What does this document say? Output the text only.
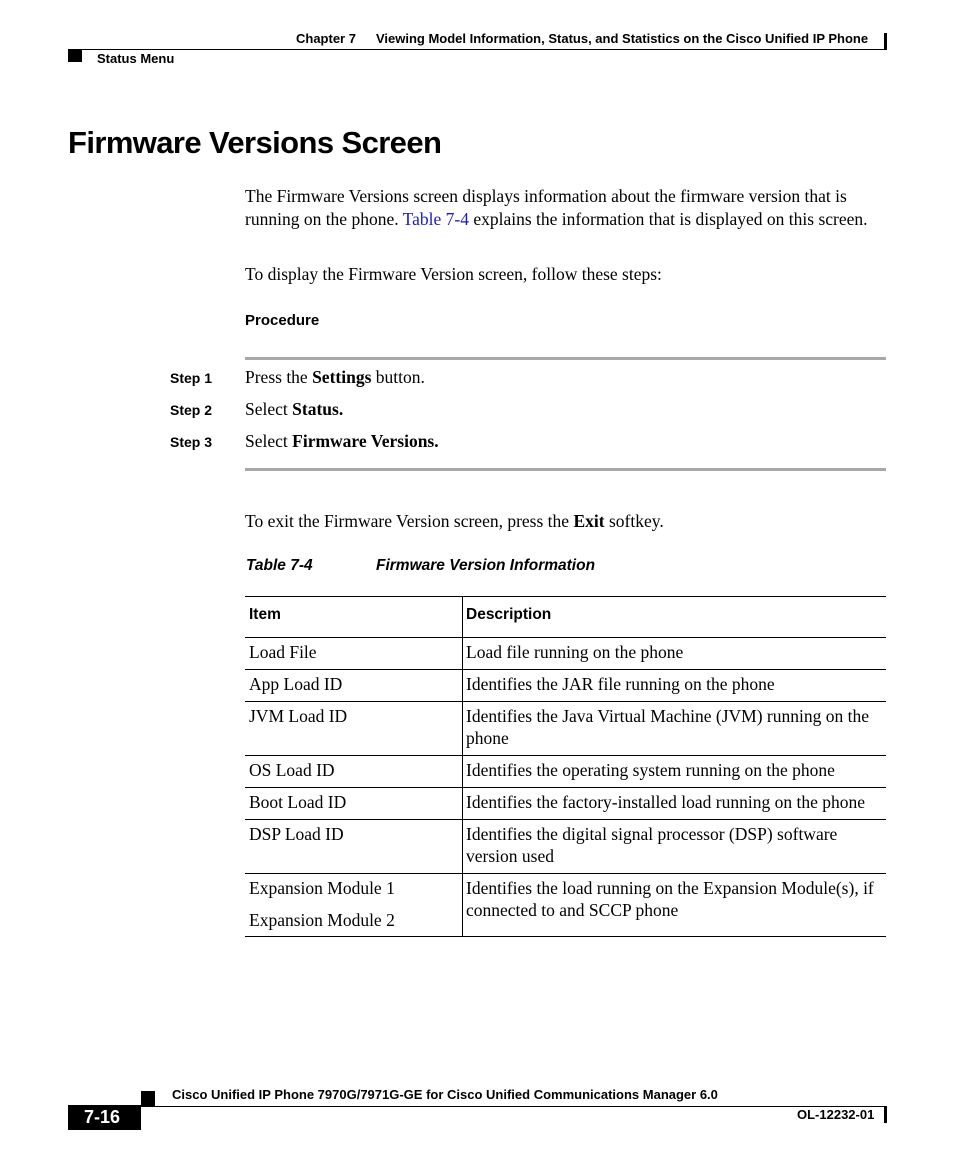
Chapter 7 Viewing Model Information, Status, and Statistics on the Cisco Unified IP Phone
Status Menu
Firmware Versions Screen
The Firmware Versions screen displays information about the firmware version that is running on the phone. Table 7-4 explains the information that is displayed on this screen.
To display the Firmware Version screen, follow these steps:
Procedure
Step 1 Press the Settings button.
Step 2 Select Status.
Step 3 Select Firmware Versions.
To exit the Firmware Version screen, press the Exit softkey.
Table 7-4	Firmware Version Information
Item	Description

Load File	Load file running on the phone

App Load ID	Identifies the JAR file running on the phone

JVM Load ID	Identifies the Java Virtual Machine (JVM) running on the phone

OS Load ID	Identifies the operating system running on the phone

Boot Load ID	Identifies the factory-installed load running on the phone

DSP Load ID	Identifies the digital signal processor (DSP) software version used

Expansion Module 1
Expansion Module 2	Identifies the load running on the Expansion Module(s), if connected to and SCCP phone
Cisco Unified IP Phone 7970G/7971G-GE for Cisco Unified Communications Manager 6.0
7-16	OL-12232-01
